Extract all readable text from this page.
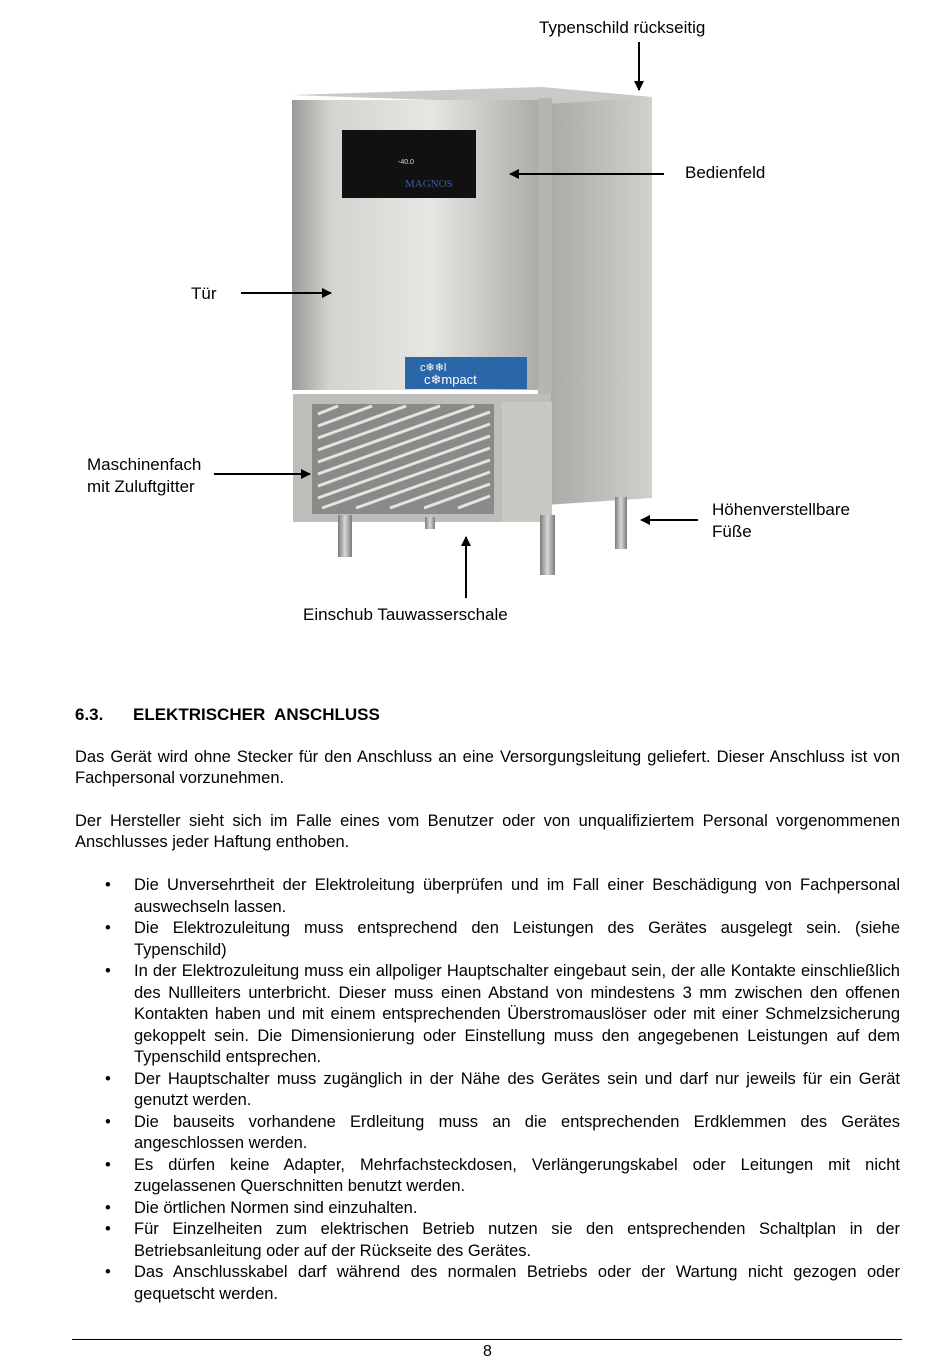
-40.0
MAGNOS
c❄❄l
c❄mpact
Typenschild rückseitig
Bedienfeld
Tür
Maschinenfach mit Zuluftgitter
Höhenverstellbare Füße
Einschub Tauwasserschale
6.3. ELEKTRISCHER  ANSCHLUSS

Das Gerät wird ohne Stecker für den Anschluss an eine Versorgungsleitung geliefert. Dieser Anschluss ist von Fachpersonal vorzunehmen.

Der Hersteller sieht sich im Falle eines vom Benutzer oder von unqualifiziertem Personal vorgenommenen Anschlusses jeder Haftung enthoben.

• Die Unversehrtheit der Elektroleitung überprüfen und im Fall einer Beschädigung von Fachpersonal auswechseln lassen.
• Die Elektrozuleitung muss entsprechend den Leistungen des Gerätes ausgelegt sein. (siehe Typenschild)
• In der Elektrozuleitung muss ein allpoliger Hauptschalter eingebaut sein, der alle Kontakte einschließlich des Nullleiters unterbricht. Dieser muss einen Abstand von mindestens 3 mm zwischen den offenen Kontakten haben und mit einem entsprechenden Überstromauslöser oder mit einer Schmelzsicherung gekoppelt sein. Die Dimensionierung oder Einstellung muss den angegebenen Leistungen auf dem Typenschild entsprechen.
• Der Hauptschalter muss zugänglich in der Nähe des Gerätes sein und darf nur jeweils für ein Gerät genutzt werden.
• Die bauseits vorhandene Erdleitung muss an die entsprechenden Erdklemmen des Gerätes angeschlossen werden.
• Es dürfen keine Adapter, Mehrfachsteckdosen, Verlängerungskabel oder Leitungen mit nicht zugelassenen Querschnitten benutzt werden.
• Die örtlichen Normen sind einzuhalten.
• Für Einzelheiten zum elektrischen Betrieb nutzen sie den entsprechenden Schaltplan in der Betriebsanleitung oder auf der Rückseite des Gerätes.
• Das Anschlusskabel darf während des normalen Betriebs oder der Wartung nicht gezogen oder gequetscht werden.
8
